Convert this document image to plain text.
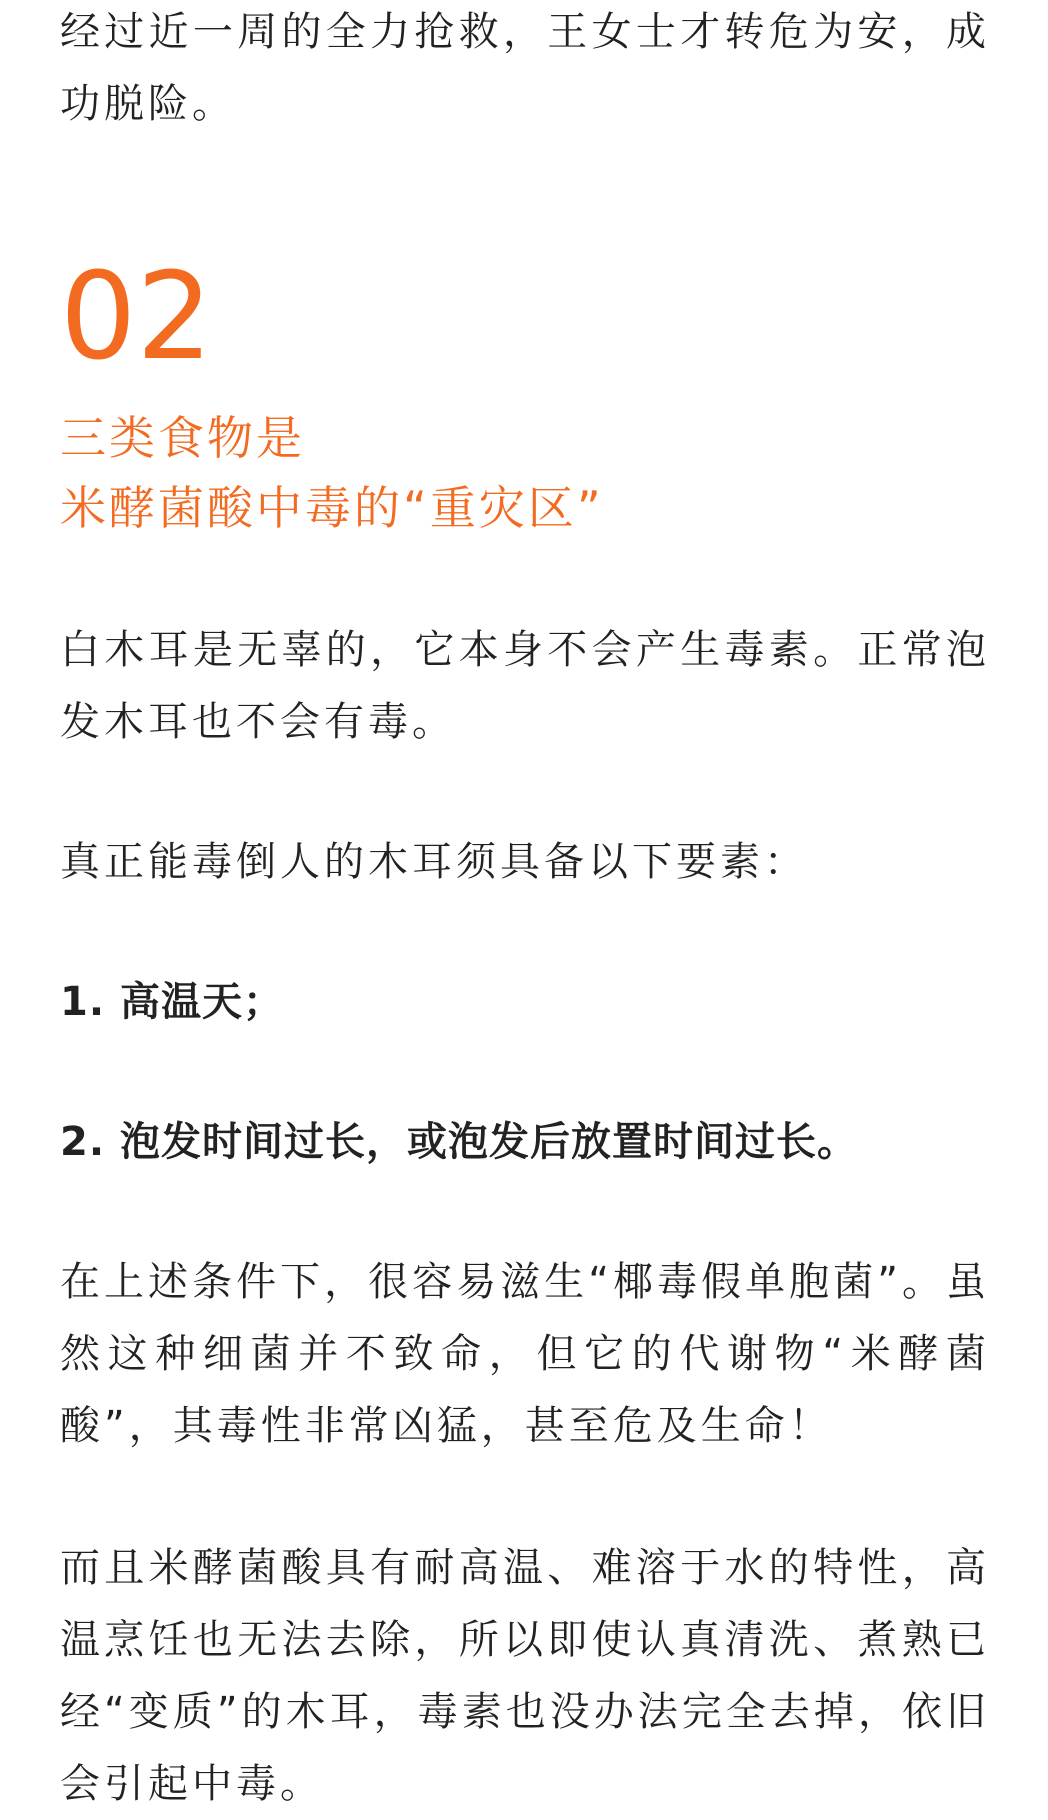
经过近一周的全力抢救，王女士才转危为安，成功脱险。

02
三类食物是
米酵菌酸中毒的“重灾区”

白木耳是无辜的，它本身不会产生毒素。正常泡发木耳也不会有毒。

真正能毒倒人的木耳须具备以下要素：

1. 高温天；

2. 泡发时间过长，或泡发后放置时间过长。

在上述条件下，很容易滋生“椰毒假单胞菌”。虽然这种细菌并不致命，但它的代谢物“米酵菌酸”，其毒性非常凶猛，甚至危及生命！

而且米酵菌酸具有耐高温、难溶于水的特性，高温烹饪也无法去除，所以即使认真清洗、煮熟已经“变质”的木耳，毒素也没办法完全去掉，依旧会引起中毒。
